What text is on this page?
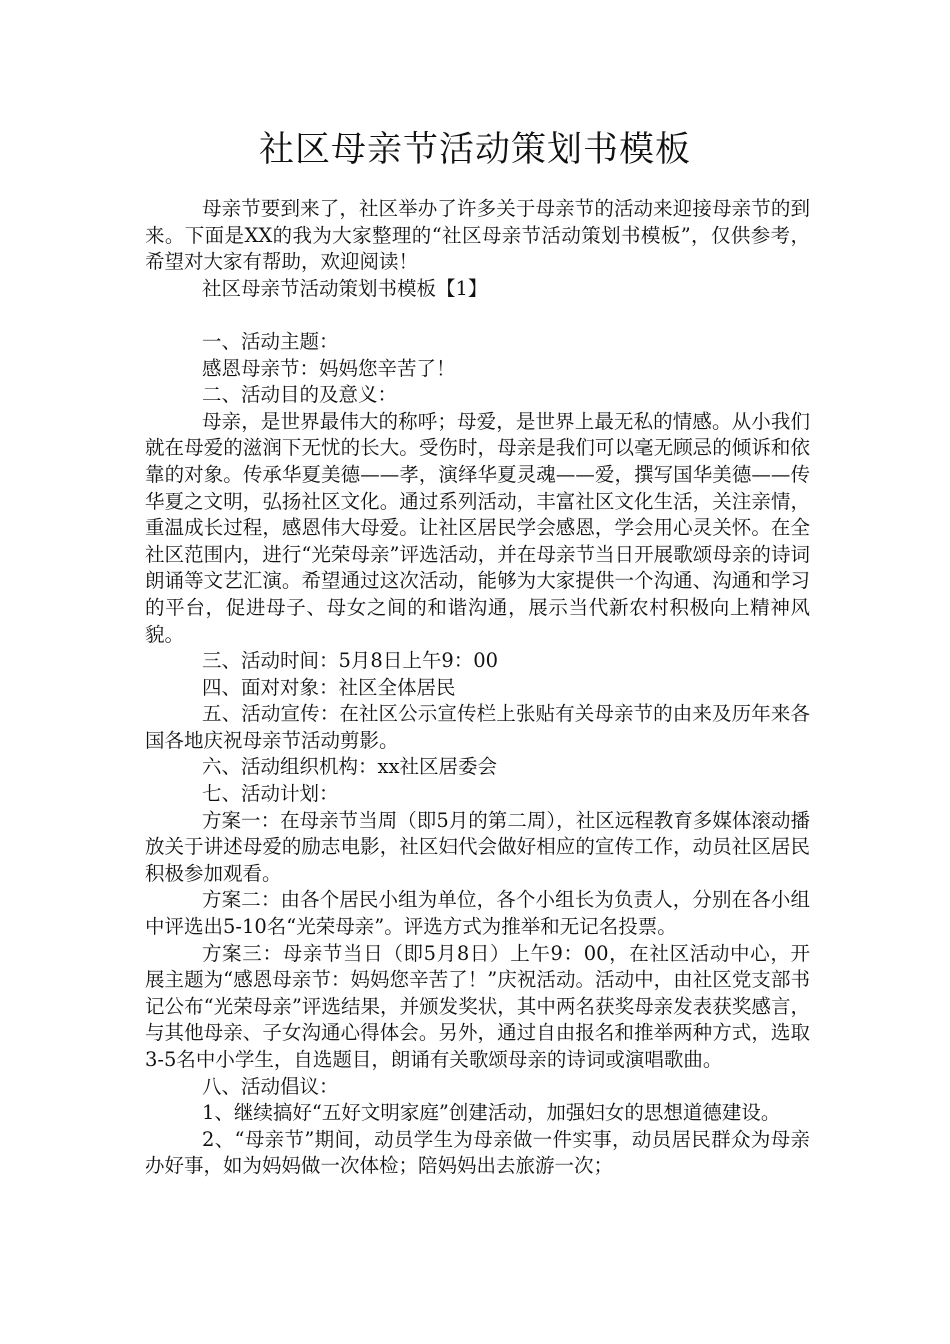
社区母亲节活动策划书模板

母亲节要到来了，社区举办了许多关于母亲节的活动来迎接母亲节的到来。下面是XX的我为大家整理的“社区母亲节活动策划书模板”，仅供参考，希望对大家有帮助，欢迎阅读！

社区母亲节活动策划书模板【1】

一、活动主题：

感恩母亲节：妈妈您辛苦了！

二、活动目的及意义：

母亲，是世界最伟大的称呼；母爱，是世界上最无私的情感。从小我们就在母爱的滋润下无忧的长大。受伤时，母亲是我们可以毫无顾忌的倾诉和依靠的对象。传承华夏美德——孝，演绎华夏灵魂——爱，撰写国华美德——传华夏之文明，弘扬社区文化。通过系列活动，丰富社区文化生活，关注亲情，重温成长过程，感恩伟大母爱。让社区居民学会感恩，学会用心灵关怀。在全社区范围内，进行“光荣母亲”评选活动，并在母亲节当日开展歌颂母亲的诗词朗诵等文艺汇演。希望通过这次活动，能够为大家提供一个沟通、沟通和学习的平台，促进母子、母女之间的和谐沟通，展示当代新农村积极向上精神风貌。

三、活动时间：5月8日上午9：00

四、面对对象：社区全体居民

五、活动宣传：在社区公示宣传栏上张贴有关母亲节的由来及历年来各国各地庆祝母亲节活动剪影。

六、活动组织机构：xx社区居委会

七、活动计划：

方案一：在母亲节当周（即5月的第二周），社区远程教育多媒体滚动播放关于讲述母爱的励志电影，社区妇代会做好相应的宣传工作，动员社区居民积极参加观看。

方案二：由各个居民小组为单位，各个小组长为负责人，分别在各小组中评选出5-10名“光荣母亲”。评选方式为推举和无记名投票。

方案三：母亲节当日（即5月8日）上午9：00，在社区活动中心，开展主题为“感恩母亲节：妈妈您辛苦了！”庆祝活动。活动中，由社区党支部书记公布“光荣母亲”评选结果，并颁发奖状，其中两名获奖母亲发表获奖感言，与其他母亲、子女沟通心得体会。另外，通过自由报名和推举两种方式，选取3-5名中小学生，自选题目，朗诵有关歌颂母亲的诗词或演唱歌曲。

八、活动倡议：

1、继续搞好“五好文明家庭”创建活动，加强妇女的思想道德建设。

2、“母亲节”期间，动员学生为母亲做一件实事，动员居民群众为母亲办好事，如为妈妈做一次体检；陪妈妈出去旅游一次；
